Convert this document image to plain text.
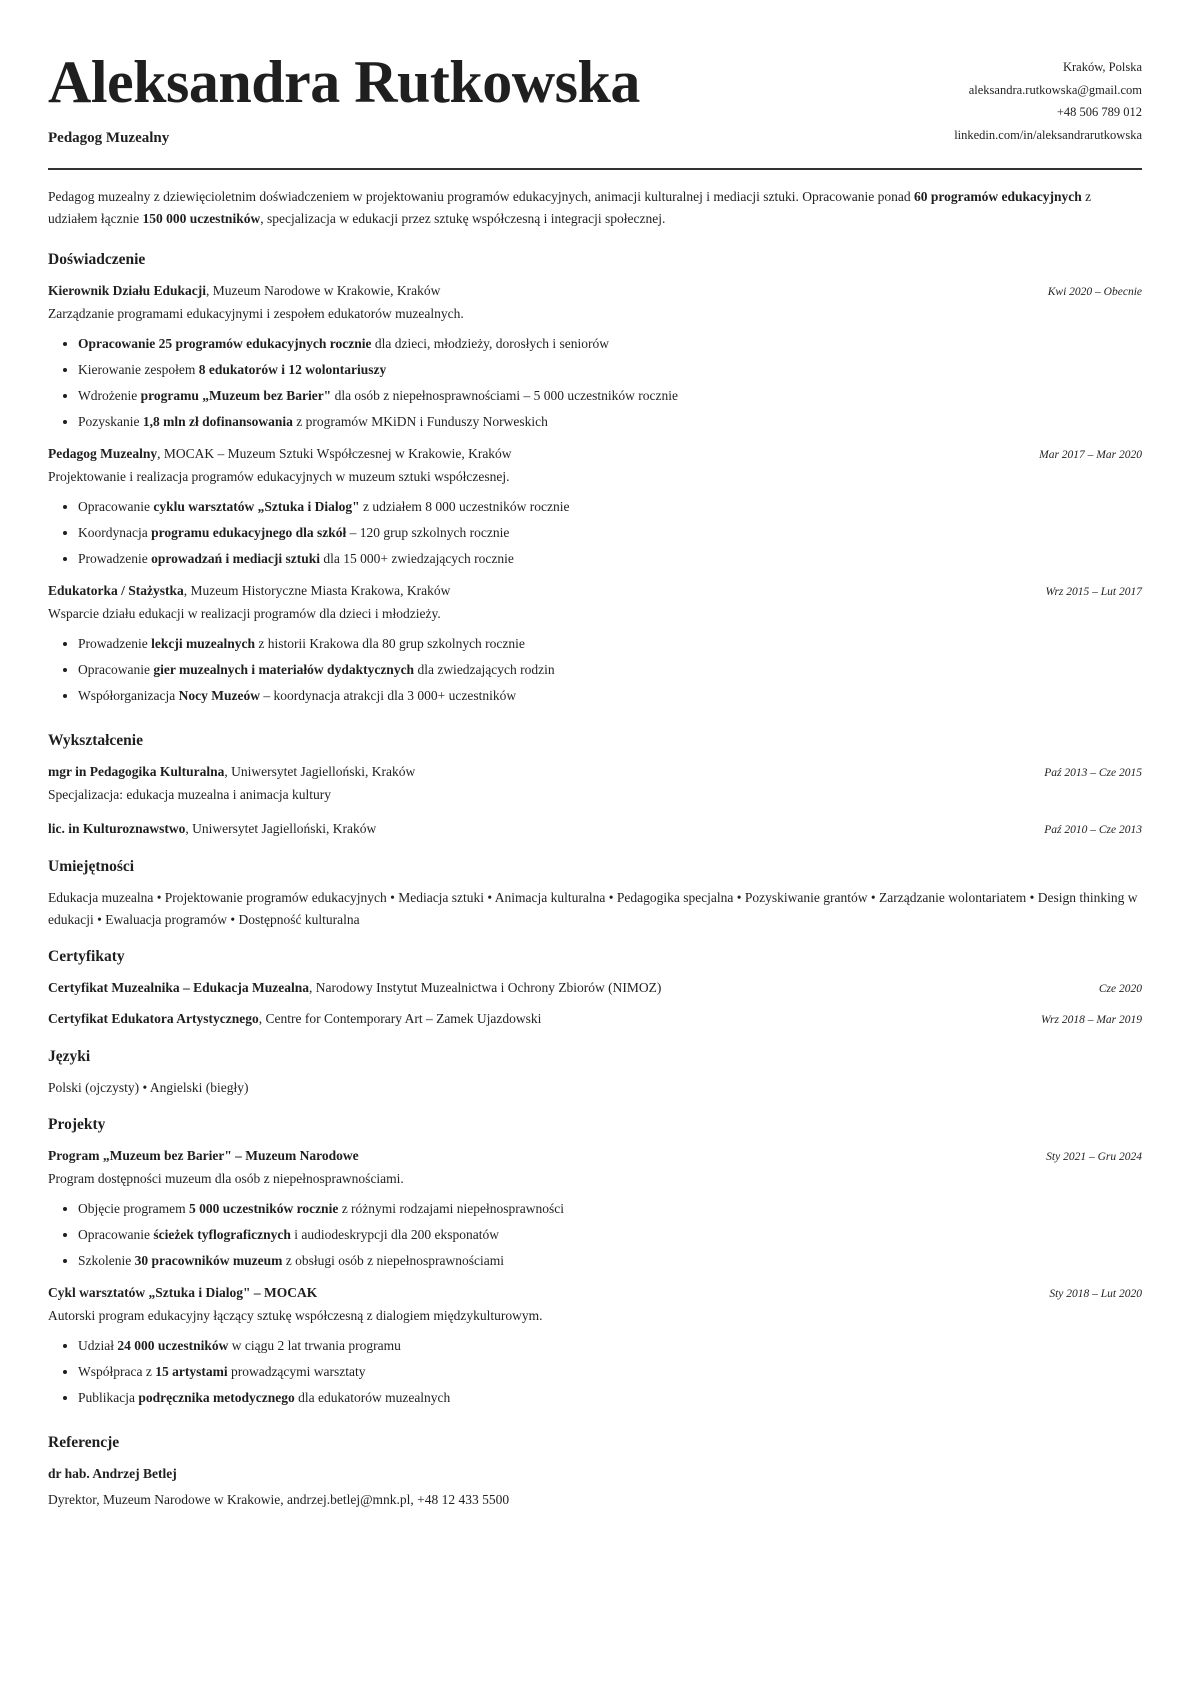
Aleksandra Rutkowska
Pedagog Muzealny
Kraków, Polska
aleksandra.rutkowska@gmail.com
+48 506 789 012
linkedin.com/in/aleksandrarutkowska
Pedagog muzealny z dziewięcioletnim doświadczeniem w projektowaniu programów edukacyjnych, animacji kulturalnej i mediacji sztuki. Opracowanie ponad 60 programów edukacyjnych z udziałem łącznie 150 000 uczestników, specjalizacja w edukacji przez sztukę współczesną i integracji społecznej.
Doświadczenie
Kierownik Działu Edukacji, Muzeum Narodowe w Krakowie, Kraków	Kwi 2020 – Obecnie
Zarządzanie programami edukacyjnymi i zespołem edukatorów muzealnych.
• Opracowanie 25 programów edukacyjnych rocznie dla dzieci, młodzieży, dorosłych i seniorów
• Kierowanie zespołem 8 edukatorów i 12 wolontariuszy
• Wdrożenie programu „Muzeum bez Barier" dla osób z niepełnosprawnościami – 5 000 uczestników rocznie
• Pozyskanie 1,8 mln zł dofinansowania z programów MKiDN i Funduszy Norweskich
Pedagog Muzealny, MOCAK – Muzeum Sztuki Współczesnej w Krakowie, Kraków	Mar 2017 – Mar 2020
Projektowanie i realizacja programów edukacyjnych w muzeum sztuki współczesnej.
• Opracowanie cyklu warsztatów „Sztuka i Dialog" z udziałem 8 000 uczestników rocznie
• Koordynacja programu edukacyjnego dla szkół – 120 grup szkolnych rocznie
• Prowadzenie oprowadzań i mediacji sztuki dla 15 000+ zwiedzających rocznie
Edukatorka / Stażystka, Muzeum Historyczne Miasta Krakowa, Kraków	Wrz 2015 – Lut 2017
Wsparcie działu edukacji w realizacji programów dla dzieci i młodzieży.
• Prowadzenie lekcji muzealnych z historii Krakowa dla 80 grup szkolnych rocznie
• Opracowanie gier muzealnych i materiałów dydaktycznych dla zwiedzających rodzin
• Współorganizacja Nocy Muzeów – koordynacja atrakcji dla 3 000+ uczestników
Wykształcenie
mgr in Pedagogika Kulturalna, Uniwersytet Jagielloński, Kraków	Paź 2013 – Cze 2015
Specjalizacja: edukacja muzealna i animacja kultury
lic. in Kulturoznawstwo, Uniwersytet Jagielloński, Kraków	Paź 2010 – Cze 2013
Umiejętności
Edukacja muzealna • Projektowanie programów edukacyjnych • Mediacja sztuki • Animacja kulturalna • Pedagogika specjalna • Pozyskiwanie grantów • Zarządzanie wolontariatem • Design thinking w edukacji • Ewaluacja programów • Dostępność kulturalna
Certyfikaty
Certyfikat Muzealnika – Edukacja Muzealna, Narodowy Instytut Muzealnictwa i Ochrony Zbiorów (NIMOZ)	Cze 2020
Certyfikat Edukatora Artystycznego, Centre for Contemporary Art – Zamek Ujazdowski	Wrz 2018 – Mar 2019
Języki
Polski (ojczysty) • Angielski (biegły)
Projekty
Program „Muzeum bez Barier" – Muzeum Narodowe	Sty 2021 – Gru 2024
Program dostępności muzeum dla osób z niepełnosprawnościami.
• Objęcie programem 5 000 uczestników rocznie z różnymi rodzajami niepełnosprawności
• Opracowanie ścieżek tyflograficznych i audiodeskrypcji dla 200 eksponatów
• Szkolenie 30 pracowników muzeum z obsługi osób z niepełnosprawnościami
Cykl warsztatów „Sztuka i Dialog" – MOCAK	Sty 2018 – Lut 2020
Autorski program edukacyjny łączący sztukę współczesną z dialogiem międzykulturowym.
• Udział 24 000 uczestników w ciągu 2 lat trwania programu
• Współpraca z 15 artystami prowadzącymi warsztaty
• Publikacja podręcznika metodycznego dla edukatorów muzealnych
Referencje
dr hab. Andrzej Betlej
Dyrektor, Muzeum Narodowe w Krakowie, andrzej.betlej@mnk.pl, +48 12 433 5500
